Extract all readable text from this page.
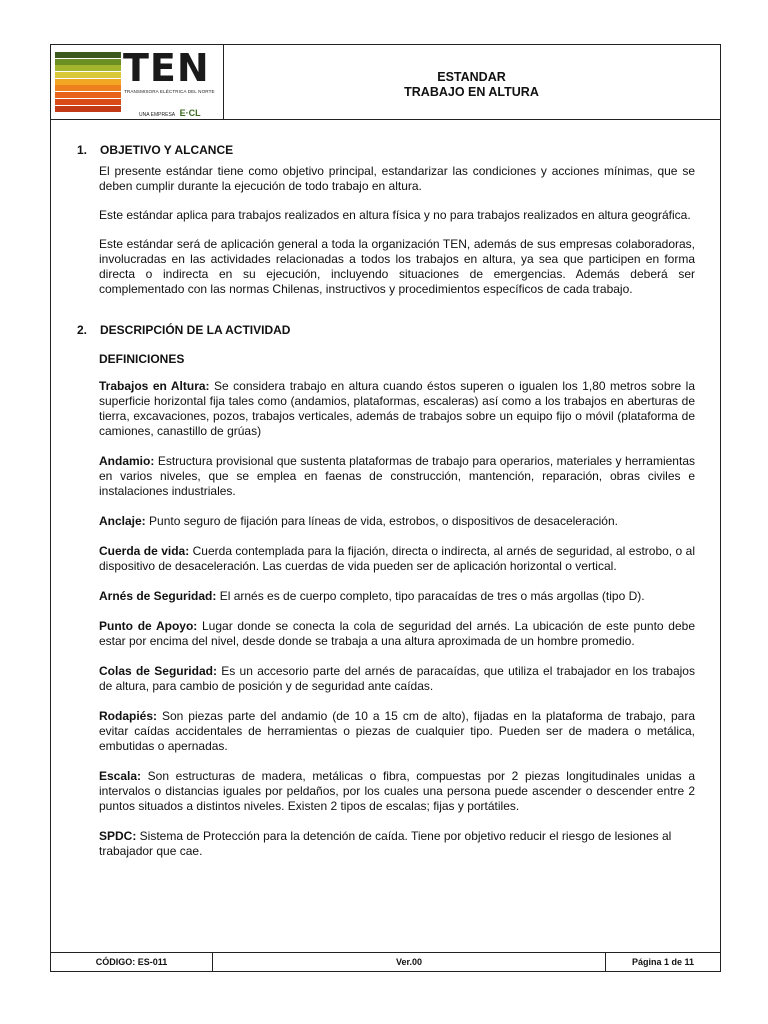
TEN
TRANSMISORA ELÉCTRICA DEL NORTE
UNA EMPRESA E·CL
ESTANDAR
TRABAJO EN ALTURA
1.	OBJETIVO Y ALCANCE

El presente estándar tiene como objetivo principal, estandarizar las condiciones y acciones mínimas, que se deben cumplir durante la ejecución de todo trabajo en altura.

Este estándar aplica para trabajos realizados en altura física y no para trabajos realizados en altura geográfica.

Este estándar será de aplicación general a toda la organización TEN, además de sus empresas colaboradoras, involucradas en las actividades relacionadas a todos los trabajos en altura, ya sea que participen en forma directa o indirecta en su ejecución, incluyendo situaciones de emergencias. Además deberá ser complementado con las normas Chilenas, instructivos y procedimientos específicos de cada trabajo.

2.	DESCRIPCIÓN DE LA ACTIVIDAD
DEFINICIONES

Trabajos en Altura: Se considera trabajo en altura cuando éstos superen o igualen los 1,80 metros sobre la superficie horizontal fija tales como (andamios, plataformas, escaleras) así como a los trabajos en aberturas de tierra, excavaciones, pozos, trabajos verticales, además de trabajos sobre un equipo fijo o móvil (plataforma de camiones, canastillo de grúas)

Andamio: Estructura provisional que sustenta plataformas de trabajo para operarios, materiales y herramientas en varios niveles, que se emplea en faenas de construcción, mantención, reparación, obras civiles e instalaciones industriales.

Anclaje: Punto seguro de fijación para líneas de vida, estrobos, o dispositivos de desaceleración.

Cuerda de vida: Cuerda contemplada para la fijación, directa o indirecta, al arnés de seguridad, al estrobo, o al dispositivo de desaceleración. Las cuerdas de vida pueden ser de aplicación horizontal o vertical.

Arnés de Seguridad: El arnés es de cuerpo completo, tipo paracaídas de tres o más argollas (tipo D).

Punto de Apoyo: Lugar donde se conecta la cola de seguridad del arnés. La ubicación de este punto debe estar por encima del nivel, desde donde se trabaja a una altura aproximada de un hombre promedio.

Colas de Seguridad: Es un accesorio parte del arnés de paracaídas, que utiliza el trabajador en los trabajos de altura, para cambio de posición y de seguridad ante caídas.

Rodapiés: Son piezas parte del andamio (de 10 a 15 cm de alto), fijadas en la plataforma de trabajo, para evitar caídas accidentales de herramientas o piezas de cualquier tipo. Pueden ser de madera o metálica, embutidas o apernadas.

Escala: Son estructuras de madera, metálicas o fibra, compuestas por 2 piezas longitudinales unidas a intervalos o distancias iguales por peldaños, por los cuales una persona puede ascender o descender entre 2 puntos situados a distintos niveles. Existen 2 tipos de escalas; fijas y portátiles.

SPDC: Sistema de Protección para la detención de caída. Tiene por objetivo reducir el riesgo de lesiones al trabajador que cae.

CÓDIGO: ES-011	Ver.00	Página 1 de 11
